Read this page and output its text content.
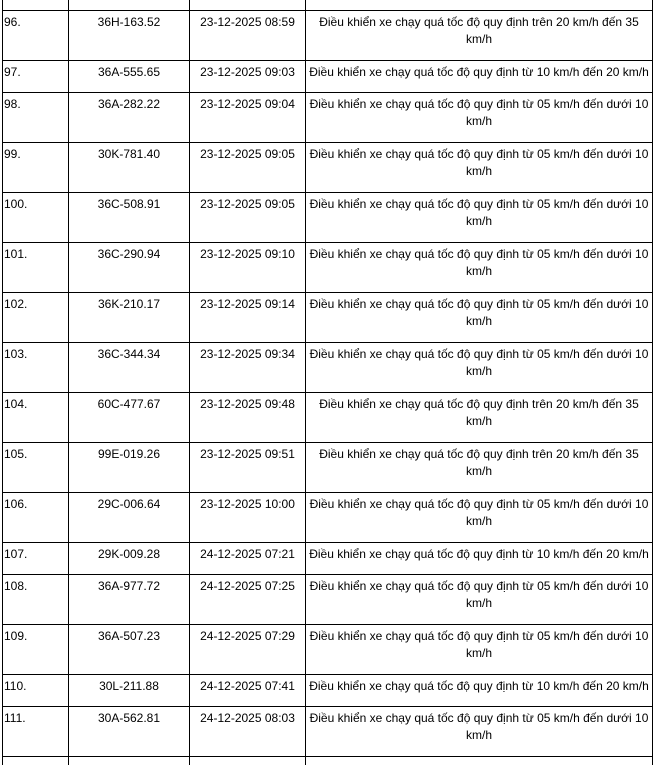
96.	36H-163.52	23-12-2025 08:59	Điều khiển xe chạy quá tốc độ quy định trên 20 km/h đến 35 km/h
97.	36A-555.65	23-12-2025 09:03	Điều khiển xe chạy quá tốc độ quy định từ 10 km/h đến 20 km/h
98.	36A-282.22	23-12-2025 09:04	Điều khiển xe chạy quá tốc độ quy định từ 05 km/h đến dưới 10 km/h
99.	30K-781.40	23-12-2025 09:05	Điều khiển xe chạy quá tốc độ quy định từ 05 km/h đến dưới 10 km/h
100.	36C-508.91	23-12-2025 09:05	Điều khiển xe chạy quá tốc độ quy định từ 05 km/h đến dưới 10 km/h
101.	36C-290.94	23-12-2025 09:10	Điều khiển xe chạy quá tốc độ quy định từ 05 km/h đến dưới 10 km/h
102.	36K-210.17	23-12-2025 09:14	Điều khiển xe chạy quá tốc độ quy định từ 05 km/h đến dưới 10 km/h
103.	36C-344.34	23-12-2025 09:34	Điều khiển xe chạy quá tốc độ quy định từ 05 km/h đến dưới 10 km/h
104.	60C-477.67	23-12-2025 09:48	Điều khiển xe chạy quá tốc độ quy định trên 20 km/h đến 35 km/h
105.	99E-019.26	23-12-2025 09:51	Điều khiển xe chạy quá tốc độ quy định trên 20 km/h đến 35 km/h
106.	29C-006.64	23-12-2025 10:00	Điều khiển xe chạy quá tốc độ quy định từ 05 km/h đến dưới 10 km/h
107.	29K-009.28	24-12-2025 07:21	Điều khiển xe chạy quá tốc độ quy định từ 10 km/h đến 20 km/h
108.	36A-977.72	24-12-2025 07:25	Điều khiển xe chạy quá tốc độ quy định từ 05 km/h đến dưới 10 km/h
109.	36A-507.23	24-12-2025 07:29	Điều khiển xe chạy quá tốc độ quy định từ 05 km/h đến dưới 10 km/h
110.	30L-211.88	24-12-2025 07:41	Điều khiển xe chạy quá tốc độ quy định từ 10 km/h đến 20 km/h
111.	30A-562.81	24-12-2025 08:03	Điều khiển xe chạy quá tốc độ quy định từ 05 km/h đến dưới 10 km/h
